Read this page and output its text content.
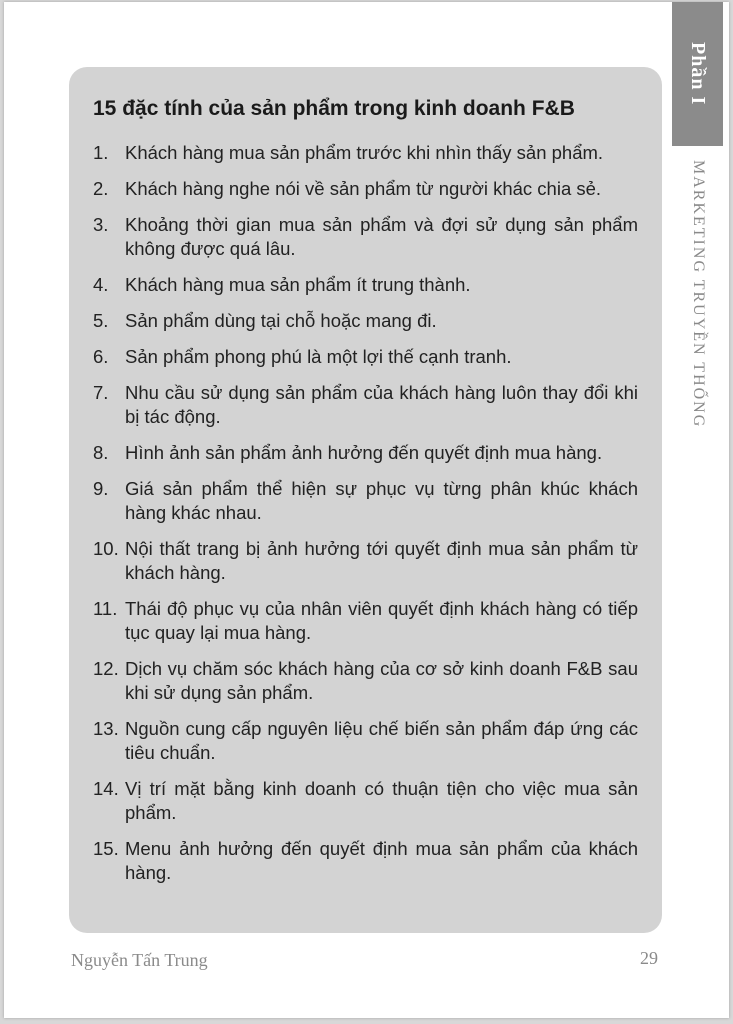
Phần I
MARKETING TRUYỀN THỐNG
15 đặc tính của sản phẩm trong kinh doanh F&B
1. Khách hàng mua sản phẩm trước khi nhìn thấy sản phẩm.
2. Khách hàng nghe nói về sản phẩm từ người khác chia sẻ.
3. Khoảng thời gian mua sản phẩm và đợi sử dụng sản phẩm không được quá lâu.
4. Khách hàng mua sản phẩm ít trung thành.
5. Sản phẩm dùng tại chỗ hoặc mang đi.
6. Sản phẩm phong phú là một lợi thế cạnh tranh.
7. Nhu cầu sử dụng sản phẩm của khách hàng luôn thay đổi khi bị tác động.
8. Hình ảnh sản phẩm ảnh hưởng đến quyết định mua hàng.
9. Giá sản phẩm thể hiện sự phục vụ từng phân khúc khách hàng khác nhau.
10. Nội thất trang bị ảnh hưởng tới quyết định mua sản phẩm từ khách hàng.
11. Thái độ phục vụ của nhân viên quyết định khách hàng có tiếp tục quay lại mua hàng.
12. Dịch vụ chăm sóc khách hàng của cơ sở kinh doanh F&B sau khi sử dụng sản phẩm.
13. Nguồn cung cấp nguyên liệu chế biến sản phẩm đáp ứng các tiêu chuẩn.
14. Vị trí mặt bằng kinh doanh có thuận tiện cho việc mua sản phẩm.
15. Menu ảnh hưởng đến quyết định mua sản phẩm của khách hàng.
Nguyễn Tấn Trung	29
